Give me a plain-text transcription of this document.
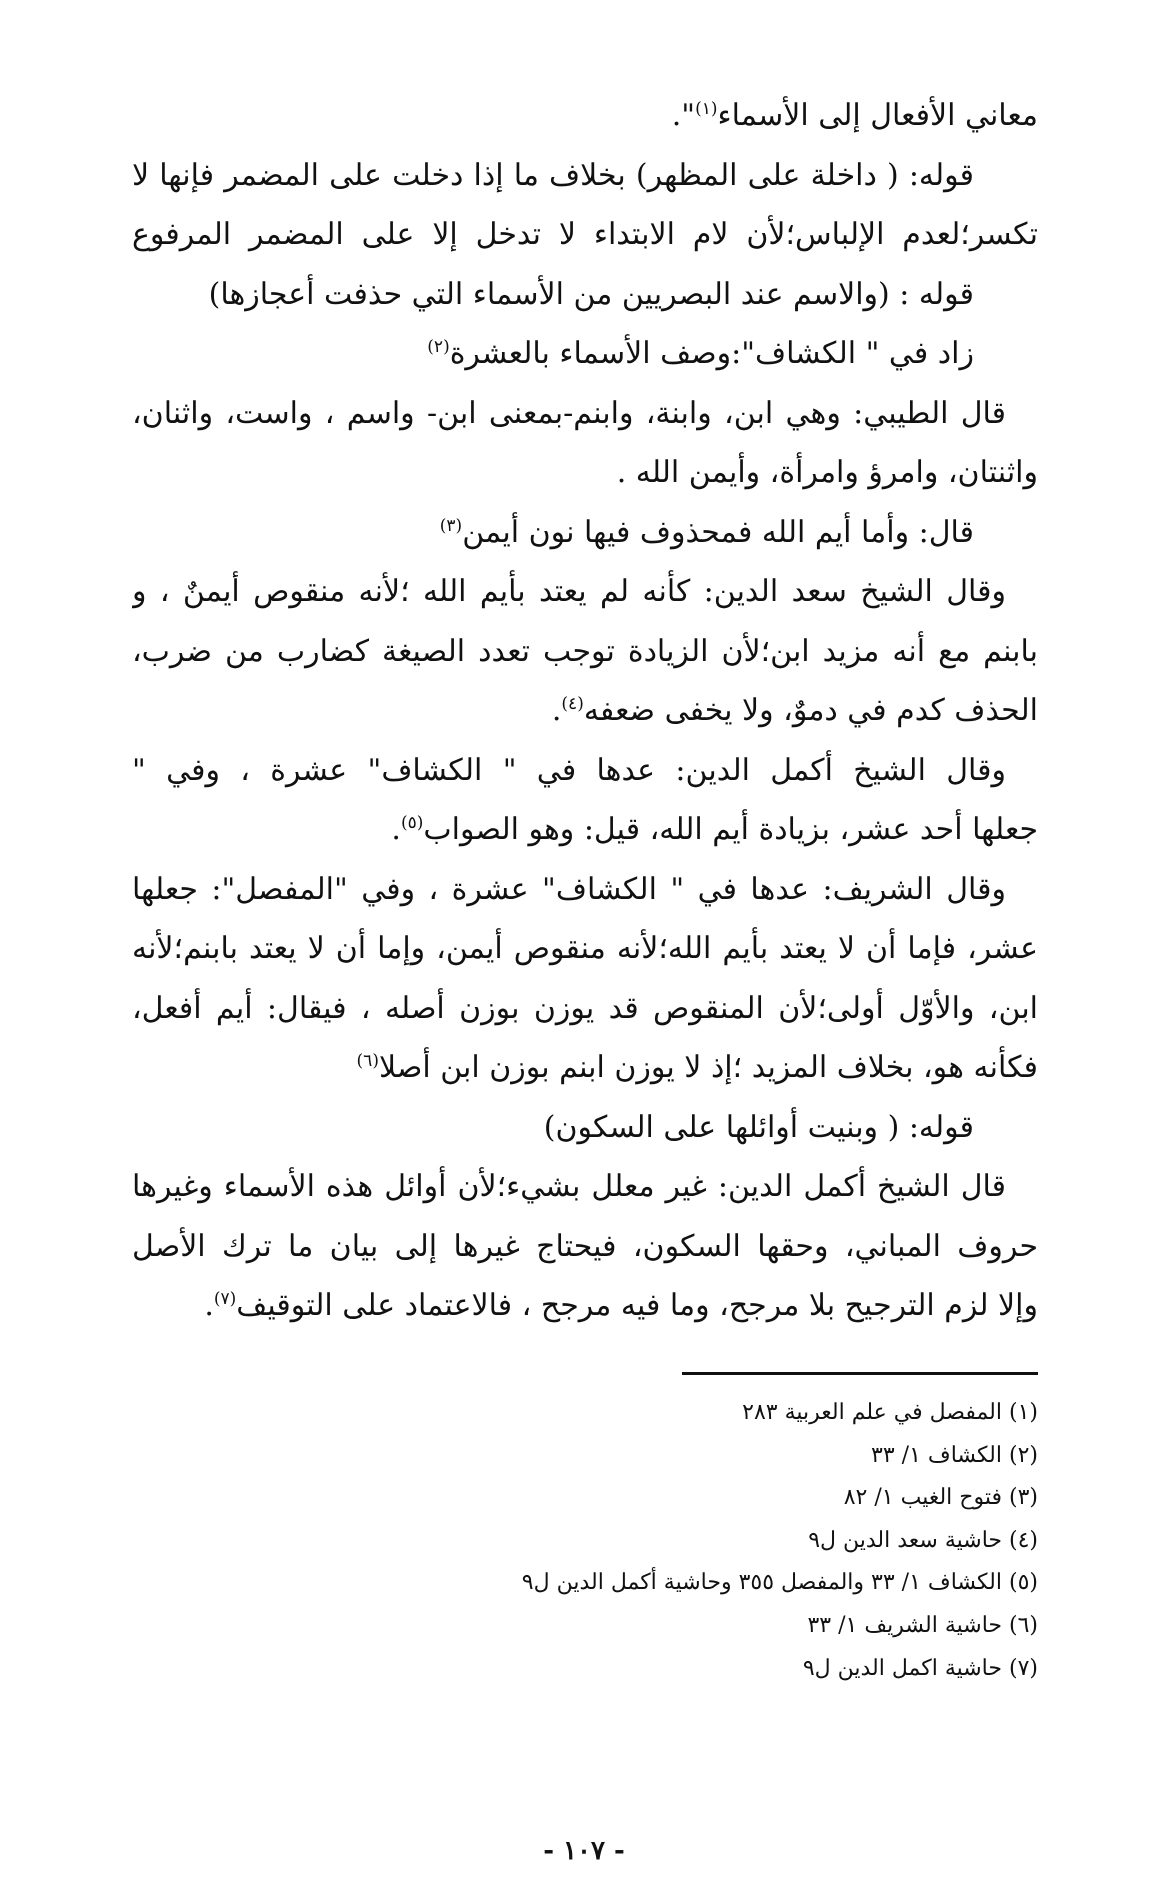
معاني الأفعال إلى الأسماء$^{(١)}$".
قوله: ( داخلة على المظهر) بخلاف ما إذا دخلت على المضمر فإنها لا
تكسر؛لعدم الإلباس؛لأن لام الابتداء لا تدخل إلا على المضمر المرفوع
قوله : (والاسم عند البصريين من الأسماء التي حذفت أعجازها)
زاد في " الكشاف":وصف الأسماء بالعشرة$^{(٢)}$
قال الطيبي: وهي ابن، وابنة، وابنم-بمعنى ابن- واسم ، واست، واثنان،
واثنتان، وامرؤ وامرأة، وأيمن الله .
قال: وأما أيم الله فمحذوف فيها نون أيمن$^{(٣)}$
وقال الشيخ سعد الدين: كأنه لم يعتد بأيم الله ؛لأنه منقوص أيمنٌ ، و
بابنم مع أنه مزيد ابن؛لأن الزيادة توجب تعدد الصيغة كضارب من ضرب،
الحذف كدم في دموٌ، ولا يخفى ضعفه$^{(٤)}$.
وقال الشيخ أكمل الدين: عدها في " الكشاف" عشرة ، وفي "
جعلها أحد عشر، بزيادة أيم الله، قيل: وهو الصواب$^{(٥)}$.
وقال الشريف: عدها في " الكشاف" عشرة ، وفي "المفصل": جعلها
عشر، فإما أن لا يعتد بأيم الله؛لأنه منقوص أيمن، وإما أن لا يعتد بابنم؛لأنه
ابن، والأوّل أولى؛لأن المنقوص قد يوزن بوزن أصله ، فيقال: أيم أفعل،
فكأنه هو، بخلاف المزيد ؛إذ لا يوزن ابنم بوزن ابن أصلا$^{(٦)}$
قوله: ( وبنيت أوائلها على السكون)
قال الشيخ أكمل الدين: غير معلل بشيء؛لأن أوائل هذه الأسماء وغيرها
حروف المباني، وحقها السكون، فيحتاج غيرها إلى بيان ما ترك الأصل
وإلا لزم الترجيح بلا مرجح، وما فيه مرجح ، فالاعتماد على التوقيف$^{(٧)}$.
(١) المفصل في علم العربية ٢٨٣
(٢) الكشاف ١/ ٣٣
(٣) فتوح الغيب ١/ ٨٢
(٤) حاشية سعد الدين ل٩
(٥) الكشاف ١/ ٣٣ والمفصل ٣٥٥ وحاشية أكمل الدين ل٩
(٦) حاشية الشريف ١/ ٣٣
(٧) حاشية اكمل الدين ل٩
- ١٠٧ -
